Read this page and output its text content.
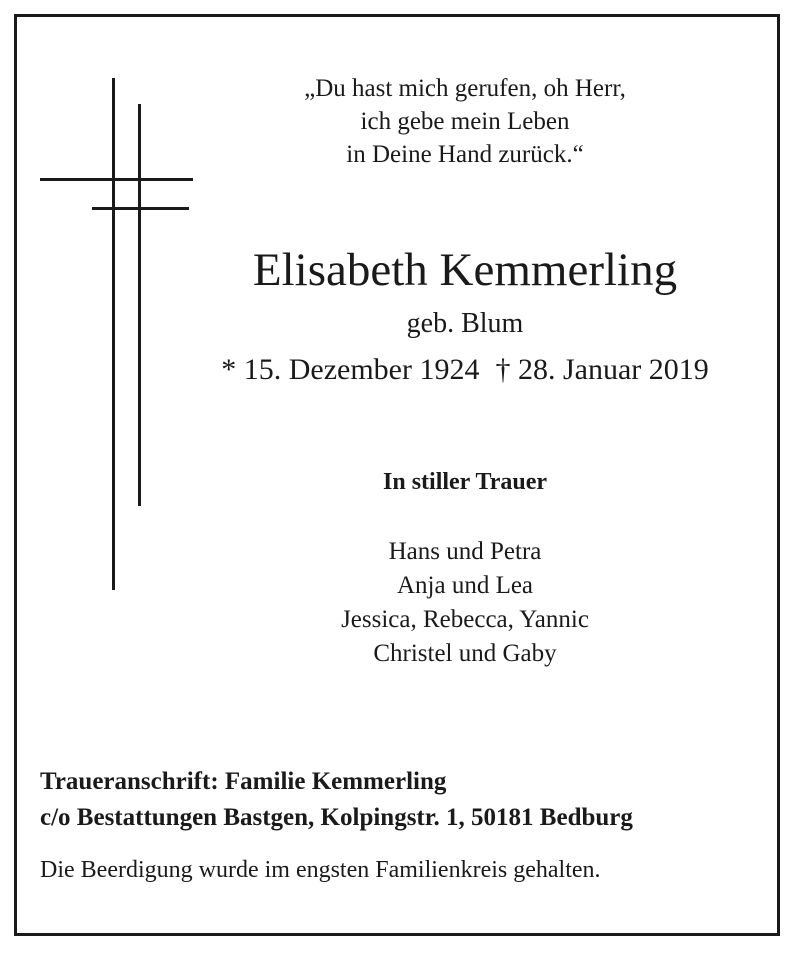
„Du hast mich gerufen, oh Herr,
ich gebe mein Leben
in Deine Hand zurück.“
Elisabeth Kemmerling
geb. Blum
* 15. Dezember 1924 † 28. Januar 2019
In stiller Trauer
Hans und Petra
Anja und Lea
Jessica, Rebecca, Yannic
Christel und Gaby
Traueranschrift: Familie Kemmerling
c/o Bestattungen Bastgen, Kolpingstr. 1, 50181 Bedburg
Die Beerdigung wurde im engsten Familienkreis gehalten.
